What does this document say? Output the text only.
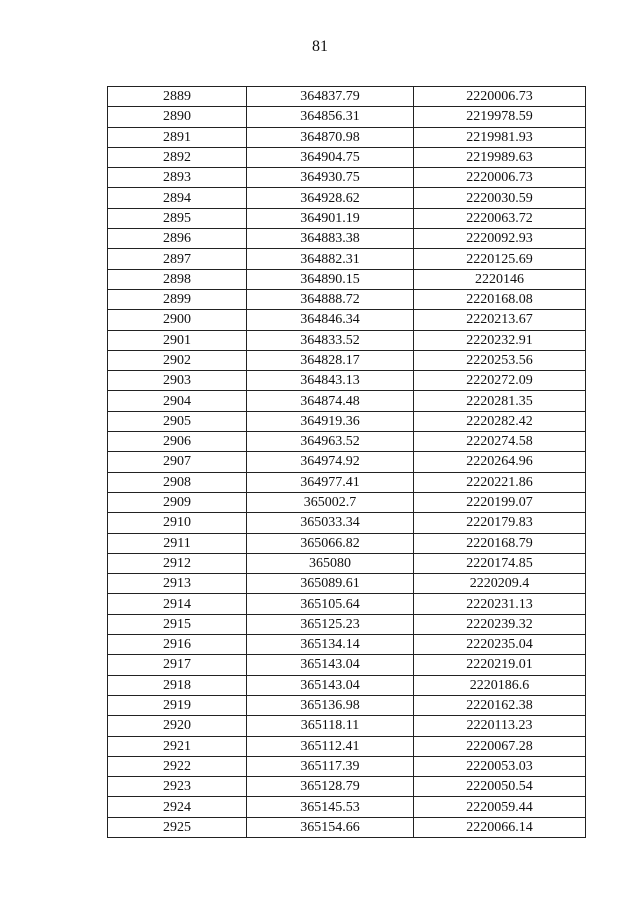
81
2889	364837.79	2220006.73
2890	364856.31	2219978.59
2891	364870.98	2219981.93
2892	364904.75	2219989.63
2893	364930.75	2220006.73
2894	364928.62	2220030.59
2895	364901.19	2220063.72
2896	364883.38	2220092.93
2897	364882.31	2220125.69
2898	364890.15	2220146
2899	364888.72	2220168.08
2900	364846.34	2220213.67
2901	364833.52	2220232.91
2902	364828.17	2220253.56
2903	364843.13	2220272.09
2904	364874.48	2220281.35
2905	364919.36	2220282.42
2906	364963.52	2220274.58
2907	364974.92	2220264.96
2908	364977.41	2220221.86
2909	365002.7	2220199.07
2910	365033.34	2220179.83
2911	365066.82	2220168.79
2912	365080	2220174.85
2913	365089.61	2220209.4
2914	365105.64	2220231.13
2915	365125.23	2220239.32
2916	365134.14	2220235.04
2917	365143.04	2220219.01
2918	365143.04	2220186.6
2919	365136.98	2220162.38
2920	365118.11	2220113.23
2921	365112.41	2220067.28
2922	365117.39	2220053.03
2923	365128.79	2220050.54
2924	365145.53	2220059.44
2925	365154.66	2220066.14
